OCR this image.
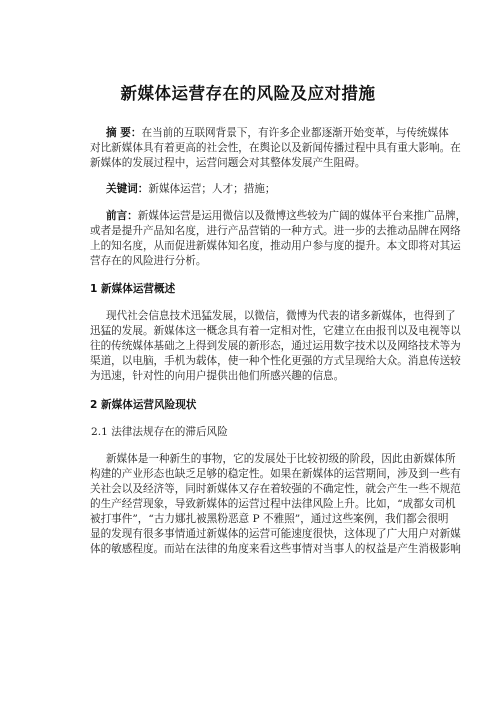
新媒体运营存在的风险及应对措施
摘 要：在当前的互联网背景下，有许多企业都逐渐开始变革，与传统媒体
对比新媒体具有着更高的社会性，在舆论以及新闻传播过程中具有重大影响。在
新媒体的发展过程中，运营问题会对其整体发展产生阻碍。
关键词：新媒体运营；人才；措施；
前言：新媒体运营是运用微信以及微博这些较为广阔的媒体平台来推广品牌，
或者是提升产品知名度，进行产品营销的一种方式。进一步的去推动品牌在网络
上的知名度，从而促进新媒体知名度，推动用户参与度的提升。本文即将对其运
营存在的风险进行分析。
1 新媒体运营概述
现代社会信息技术迅猛发展，以微信，微博为代表的诸多新媒体，也得到了
迅猛的发展。新媒体这一概念具有着一定相对性，它建立在由报刊以及电视等以
往的传统媒体基础之上得到发展的新形态，通过运用数字技术以及网络技术等为
渠道，以电脑，手机为载体，使一种个性化更强的方式呈现给大众。消息传送较
为迅速，针对性的向用户提供出他们所感兴趣的信息。
2 新媒体运营风险现状
2.1 法律法规存在的滞后风险
新媒体是一种新生的事物，它的发展处于比较初级的阶段，因此由新媒体所
构建的产业形态也缺乏足够的稳定性。如果在新媒体的运营期间，涉及到一些有
关社会以及经济等，同时新媒体又存在着较强的不确定性，就会产生一些不规范
的生产经营现象，导致新媒体的运营过程中法律风险上升。比如，“成都女司机
被打事件”，“古力娜扎被黑粉恶意 P 不雅照”，通过这些案例，我们都会很明
显的发现有很多事情通过新媒体的运营可能速度很快，这体现了广大用户对新媒
体的敏感程度。而站在法律的角度来看这些事情对当事人的权益是产生消极影响
